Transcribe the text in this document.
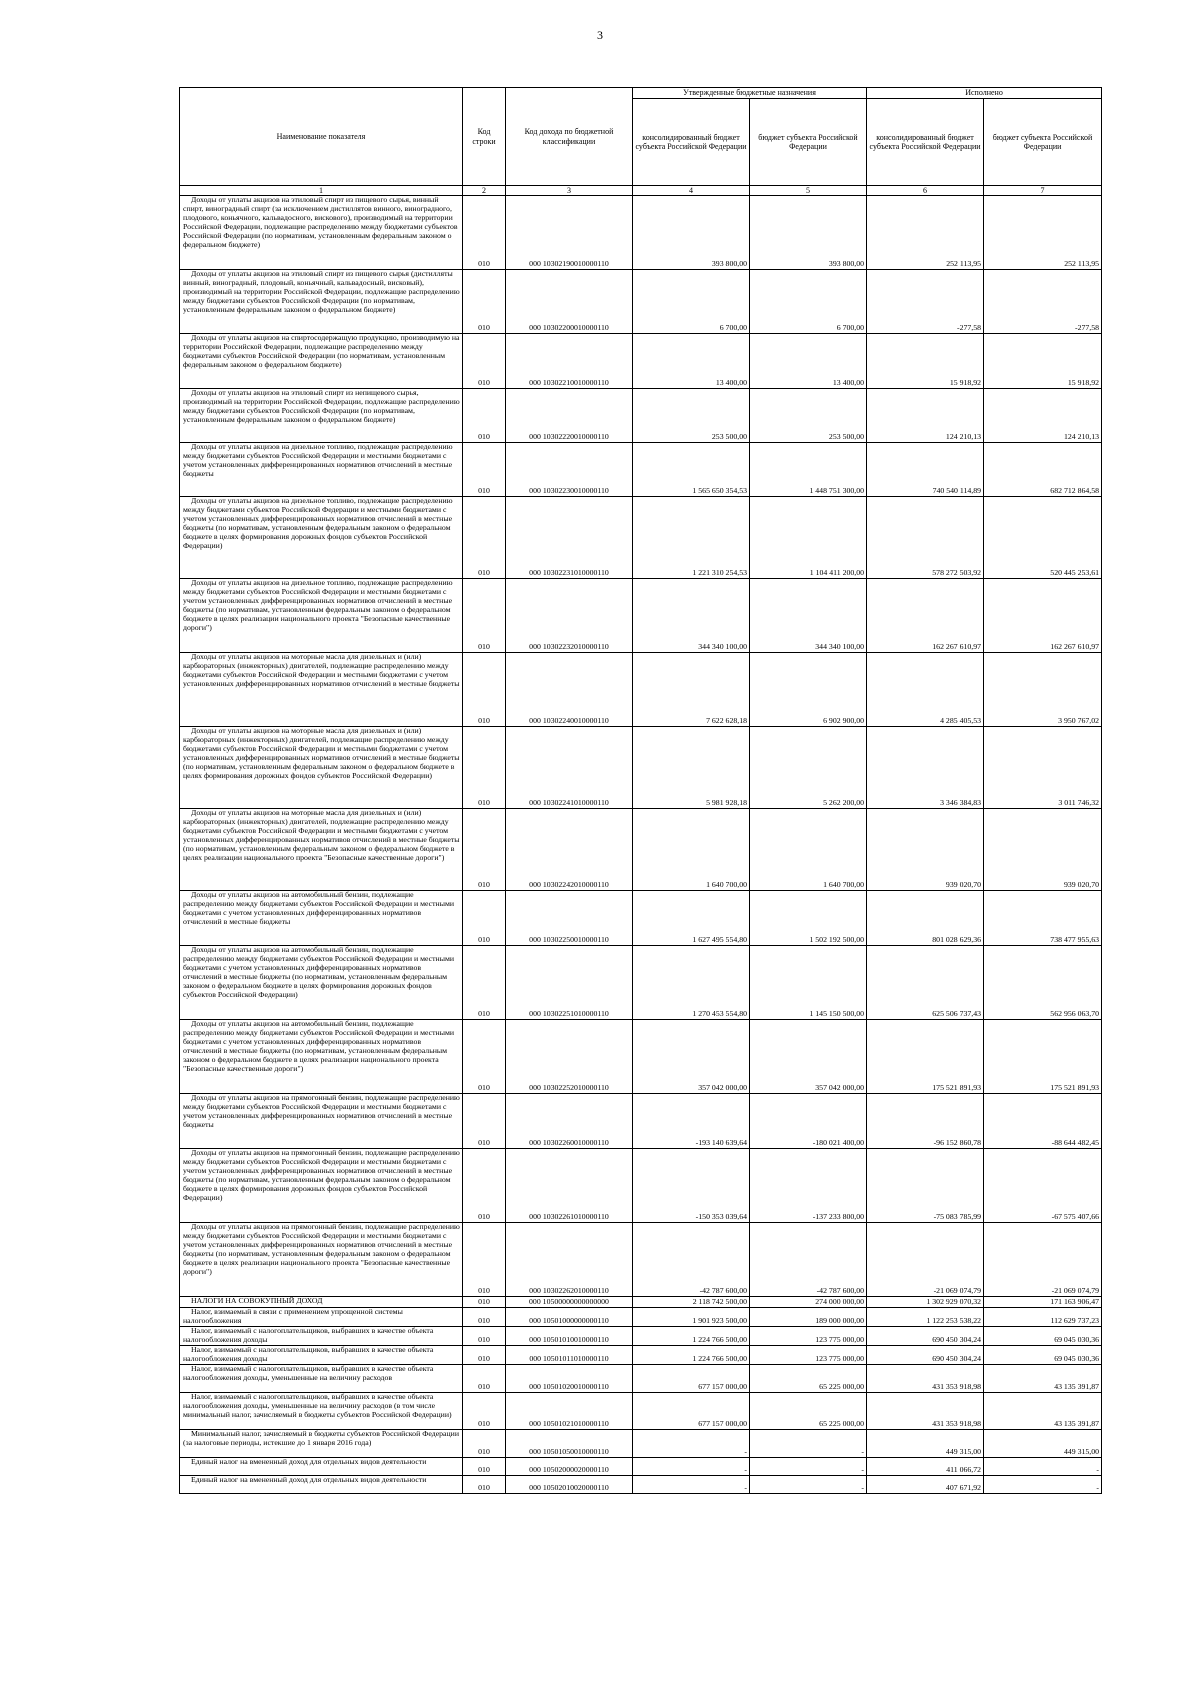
3
Наименование показателя	Код строки	Код дохода по бюджетной классификации	Утвержденные бюджетные назначения		Исполнено	
			консолидированный бюджет субъекта Российской Федерации	бюджет субъекта Российской Федерации	консолидированный бюджет субъекта Российской Федерации	бюджет субъекта Российской Федерации
1	2	3	4	5	6	7

Доходы от уплаты акцизов на этиловый спирт из пищевого сырья, винный спирт, виноградный спирт (за исключением дистиллятов винного, виноградного, плодового, коньячного, кальвадосного, вискового), производимый на территории Российской Федерации, подлежащие распределению между бюджетами субъектов Российской Федерации (по нормативам, установленным федеральным законом о федеральном бюджете)	010	000 10302190010000110	393 800,00	393 800,00	252 113,95	252 113,95

Доходы от уплаты акцизов на этиловый спирт из пищевого сырья (дистилляты винный, виноградный, плодовый, коньячный, кальвадосный, висковый), производимый на территории Российской Федерации, подлежащие распределению между бюджетами субъектов Российской Федерации (по нормативам, установленным федеральным законом о федеральном бюджете)	010	000 10302200010000110	6 700,00	6 700,00	-277,58	-277,58

Доходы от уплаты акцизов на спиртосодержащую продукцию, производимую на территории Российской Федерации, подлежащие распределению между бюджетами субъектов Российской Федерации (по нормативам, установленным федеральным законом о федеральном бюджете)	010	000 10302210010000110	13 400,00	13 400,00	15 918,92	15 918,92

Доходы от уплаты акцизов на этиловый спирт из непищевого сырья, производимый на территории Российской Федерации, подлежащие распределению между бюджетами субъектов Российской Федерации (по нормативам, установленным федеральным законом о федеральном бюджете)	010	000 10302220010000110	253 500,00	253 500,00	124 210,13	124 210,13

Доходы от уплаты акцизов на дизельное топливо, подлежащие распределению между бюджетами субъектов Российской Федерации и местными бюджетами с учетом установленных дифференцированных нормативов отчислений в местные бюджеты	010	000 10302230010000110	1 565 650 354,53	1 448 751 300,00	740 540 114,89	682 712 864,58

Доходы от уплаты акцизов на дизельное топливо, подлежащие распределению между бюджетами субъектов Российской Федерации и местными бюджетами с учетом установленных дифференцированных нормативов отчислений в местные бюджеты (по нормативам, установленным федеральным законом о федеральном бюджете в целях формирования дорожных фондов субъектов Российской Федерации)	010	000 10302231010000110	1 221 310 254,53	1 104 411 200,00	578 272 503,92	520 445 253,61

Доходы от уплаты акцизов на дизельное топливо, подлежащие распределению между бюджетами субъектов Российской Федерации и местными бюджетами с учетом установленных дифференцированных нормативов отчислений в местные бюджеты (по нормативам, установленным федеральным законом о федеральном бюджете в целях реализации национального проекта "Безопасные качественные дороги")	010	000 10302232010000110	344 340 100,00	344 340 100,00	162 267 610,97	162 267 610,97

Доходы от уплаты акцизов на моторные масла для дизельных и (или) карбюраторных (инжекторных) двигателей, подлежащие распределению между бюджетами субъектов Российской Федерации и местными бюджетами с учетом установленных дифференцированных нормативов отчислений в местные бюджеты	010	000 10302240010000110	7 622 628,18	6 902 900,00	4 285 405,53	3 950 767,02

Доходы от уплаты акцизов на моторные масла для дизельных и (или) карбюраторных (инжекторных) двигателей, подлежащие распределению между бюджетами субъектов Российской Федерации и местными бюджетами с учетом установленных дифференцированных нормативов отчислений в местные бюджеты (по нормативам, установленным федеральным законом о федеральном бюджете в целях формирования дорожных фондов субъектов Российской Федерации)	010	000 10302241010000110	5 981 928,18	5 262 200,00	3 346 384,83	3 011 746,32

Доходы от уплаты акцизов на моторные масла для дизельных и (или) карбюраторных (инжекторных) двигателей, подлежащие распределению между бюджетами субъектов Российской Федерации и местными бюджетами с учетом установленных дифференцированных нормативов отчислений в местные бюджеты (по нормативам, установленным федеральным законом о федеральном бюджете в целях реализации национального проекта "Безопасные качественные дороги")	010	000 10302242010000110	1 640 700,00	1 640 700,00	939 020,70	939 020,70

Доходы от уплаты акцизов на автомобильный бензин, подлежащие распределению между бюджетами субъектов Российской Федерации и местными бюджетами с учетом установленных дифференцированных нормативов отчислений в местные бюджеты	010	000 10302250010000110	1 627 495 554,80	1 502 192 500,00	801 028 629,36	738 477 955,63

Доходы от уплаты акцизов на автомобильный бензин, подлежащие распределению между бюджетами субъектов Российской Федерации и местными бюджетами с учетом установленных дифференцированных нормативов отчислений в местные бюджеты (по нормативам, установленным федеральным законом о федеральном бюджете в целях формирования дорожных фондов субъектов Российской Федерации)	010	000 10302251010000110	1 270 453 554,80	1 145 150 500,00	625 506 737,43	562 956 063,70

Доходы от уплаты акцизов на автомобильный бензин, подлежащие распределению между бюджетами субъектов Российской Федерации и местными бюджетами с учетом установленных дифференцированных нормативов отчислений в местные бюджеты (по нормативам, установленным федеральным законом о федеральном бюджете в целях реализации национального проекта "Безопасные качественные дороги")	010	000 10302252010000110	357 042 000,00	357 042 000,00	175 521 891,93	175 521 891,93

Доходы от уплаты акцизов на прямогонный бензин, подлежащие распределению между бюджетами субъектов Российской Федерации и местными бюджетами с учетом установленных дифференцированных нормативов отчислений в местные бюджеты	010	000 10302260010000110	-193 140 639,64	-180 021 400,00	-96 152 860,78	-88 644 482,45

Доходы от уплаты акцизов на прямогонный бензин, подлежащие распределению между бюджетами субъектов Российской Федерации и местными бюджетами с учетом установленных дифференцированных нормативов отчислений в местные бюджеты (по нормативам, установленным федеральным законом о федеральном бюджете в целях формирования дорожных фондов субъектов Российской Федерации)	010	000 10302261010000110	-150 353 039,64	-137 233 800,00	-75 083 785,99	-67 575 407,66

Доходы от уплаты акцизов на прямогонный бензин, подлежащие распределению между бюджетами субъектов Российской Федерации и местными бюджетами с учетом установленных дифференцированных нормативов отчислений в местные бюджеты (по нормативам, установленным федеральным законом о федеральном бюджете в целях реализации национального проекта "Безопасные качественные дороги")	010	000 10302262010000110	-42 787 600,00	-42 787 600,00	-21 069 074,79	-21 069 074,79

НАЛОГИ НА СОВОКУПНЫЙ ДОХОД	010	000 10500000000000000	2 118 742 500,00	274 000 000,00	1 302 929 070,32	171 163 906,47

Налог, взимаемый в связи с применением упрощенной системы налогообложения	010	000 10501000000000110	1 901 923 500,00	189 000 000,00	1 122 253 538,22	112 629 737,23

Налог, взимаемый с налогоплательщиков, выбравших в качестве объекта налогообложения доходы	010	000 10501010010000110	1 224 766 500,00	123 775 000,00	690 450 304,24	69 045 030,36

Налог, взимаемый с налогоплательщиков, выбравших в качестве объекта налогообложения доходы	010	000 10501011010000110	1 224 766 500,00	123 775 000,00	690 450 304,24	69 045 030,36

Налог, взимаемый с налогоплательщиков, выбравших в качестве объекта налогообложения доходы, уменьшенные на величину расходов	010	000 10501020010000110	677 157 000,00	65 225 000,00	431 353 918,98	43 135 391,87

Налог, взимаемый с налогоплательщиков, выбравших в качестве объекта налогообложения доходы, уменьшенные на величину расходов (в том числе минимальный налог, зачисляемый в бюджеты субъектов Российской Федерации)	010	000 10501021010000110	677 157 000,00	65 225 000,00	431 353 918,98	43 135 391,87

Минимальный налог, зачисляемый в бюджеты субъектов Российской Федерации (за налоговые периоды, истекшие до 1 января 2016 года)	010	000 10501050010000110	-	-	449 315,00	449 315,00

Единый налог на вмененный доход для отдельных видов деятельности	010	000 10502000020000110	-	-	411 066,72	-

Единый налог на вмененный доход для отдельных видов деятельности	010	000 10502010020000110	-	-	407 671,92	-
